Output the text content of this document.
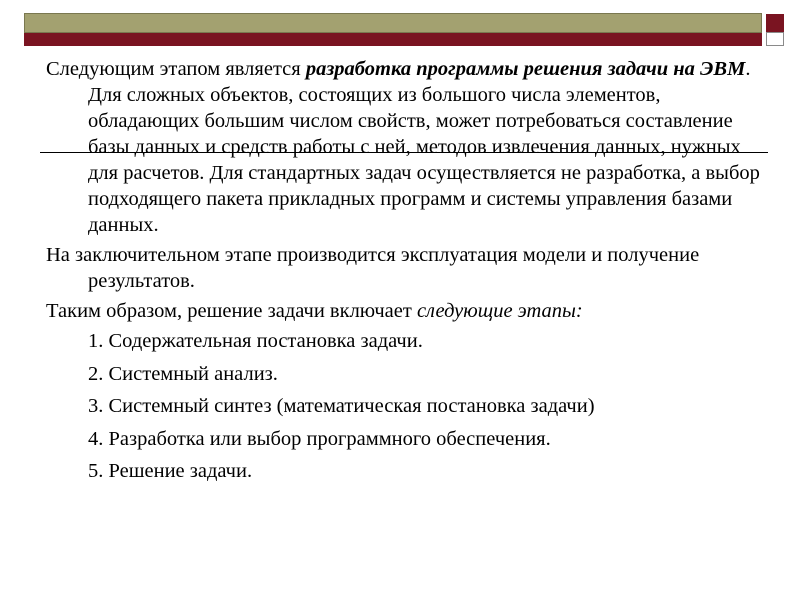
Следующим этапом является разработка программы решения задачи на ЭВМ. Для сложных объектов, состоящих из большого числа элементов, обладающих большим числом свойств, может потребоваться составление базы данных и средств работы с ней, методов извлечения данных, нужных для расчетов. Для стандартных задач осуществляется не разработка, а выбор подходящего пакета прикладных программ и системы управления базами данных.

На заключительном этапе производится эксплуатация модели и получение результатов.

Таким образом, решение задачи включает следующие этапы:

1. Содержательная постановка задачи.

2. Системный анализ.

3. Системный синтез (математическая постановка задачи)

4. Разработка или выбор программного обеспечения.

5. Решение задачи.
